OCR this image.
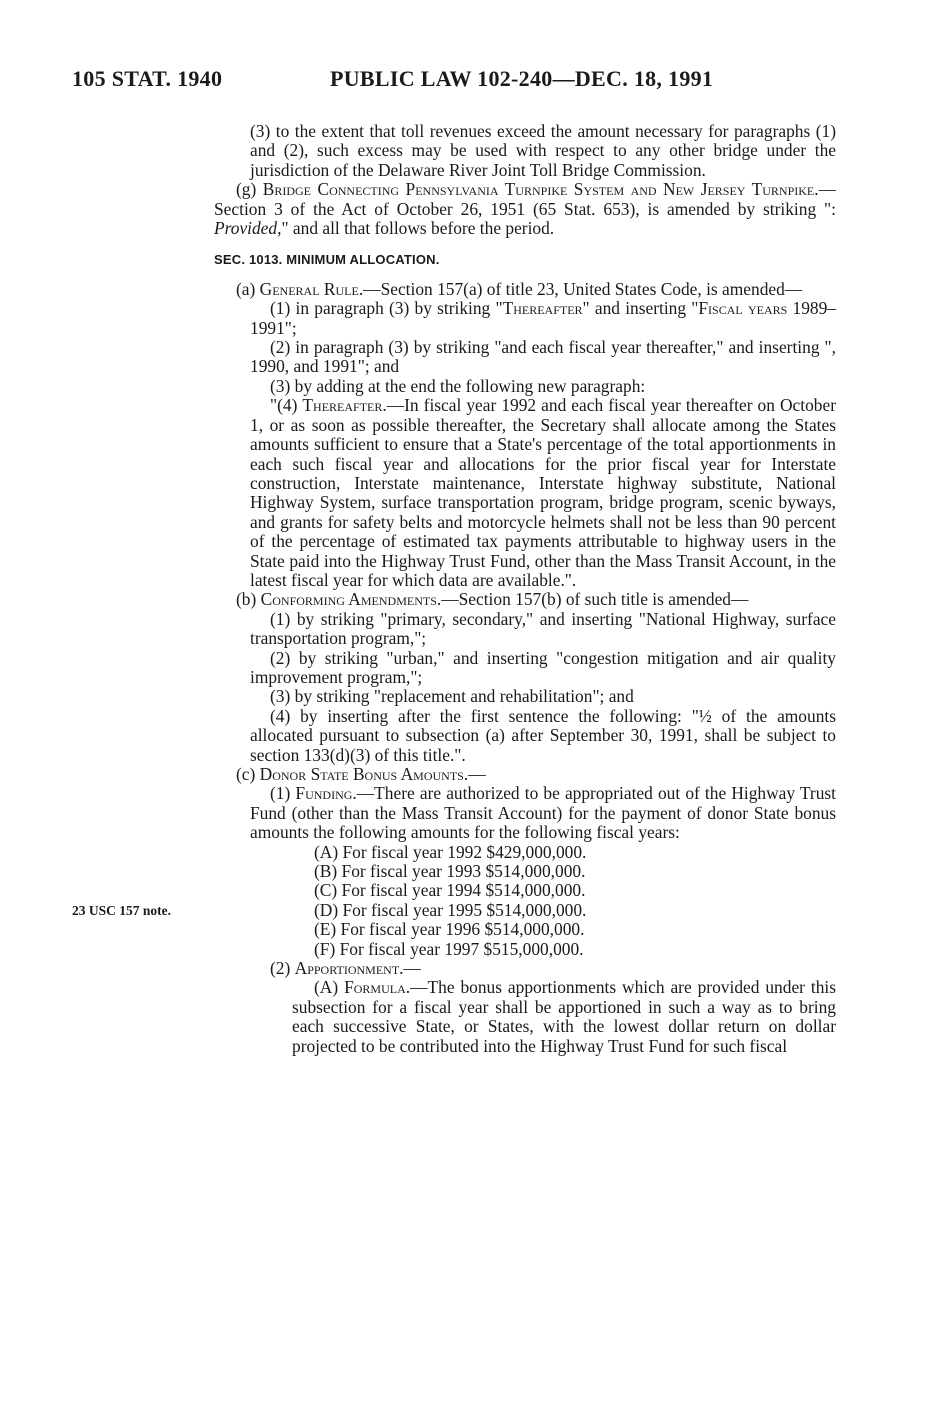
105 STAT. 1940	PUBLIC LAW 102-240—DEC. 18, 1991
23 USC 157 note.

(3) to the extent that toll revenues exceed the amount necessary for paragraphs (1) and (2), such excess may be used with respect to any other bridge under the jurisdiction of the Delaware River Joint Toll Bridge Commission.

(g) Bridge Connecting Pennsylvania Turnpike System and New Jersey Turnpike.—Section 3 of the Act of October 26, 1951 (65 Stat. 653), is amended by striking ": Provided," and all that follows before the period.

SEC. 1013. MINIMUM ALLOCATION.

(a) General Rule.—Section 157(a) of title 23, United States Code, is amended—

(1) in paragraph (3) by striking "Thereafter" and inserting "Fiscal years 1989–1991";

(2) in paragraph (3) by striking "and each fiscal year thereafter," and inserting ", 1990, and 1991"; and

(3) by adding at the end the following new paragraph:

"(4) Thereafter.—In fiscal year 1992 and each fiscal year thereafter on October 1, or as soon as possible thereafter, the Secretary shall allocate among the States amounts sufficient to ensure that a State's percentage of the total apportionments in each such fiscal year and allocations for the prior fiscal year for Interstate construction, Interstate maintenance, Interstate highway substitute, National Highway System, surface transportation program, bridge program, scenic byways, and grants for safety belts and motorcycle helmets shall not be less than 90 percent of the percentage of estimated tax payments attributable to highway users in the State paid into the Highway Trust Fund, other than the Mass Transit Account, in the latest fiscal year for which data are available.".

(b) Conforming Amendments.—Section 157(b) of such title is amended—

(1) by striking "primary, secondary," and inserting "National Highway, surface transportation program,";

(2) by striking "urban," and inserting "congestion mitigation and air quality improvement program,";

(3) by striking "replacement and rehabilitation"; and

(4) by inserting after the first sentence the following: "½ of the amounts allocated pursuant to subsection (a) after September 30, 1991, shall be subject to section 133(d)(3) of this title.".

(c) Donor State Bonus Amounts.—

(1) Funding.—There are authorized to be appropriated out of the Highway Trust Fund (other than the Mass Transit Account) for the payment of donor State bonus amounts the following amounts for the following fiscal years:

(A) For fiscal year 1992 $429,000,000.

(B) For fiscal year 1993 $514,000,000.

(C) For fiscal year 1994 $514,000,000.

(D) For fiscal year 1995 $514,000,000.

(E) For fiscal year 1996 $514,000,000.

(F) For fiscal year 1997 $515,000,000.

(2) Apportionment.—

(A) Formula.—The bonus apportionments which are provided under this subsection for a fiscal year shall be apportioned in such a way as to bring each successive State, or States, with the lowest dollar return on dollar projected to be contributed into the Highway Trust Fund for such fiscal
